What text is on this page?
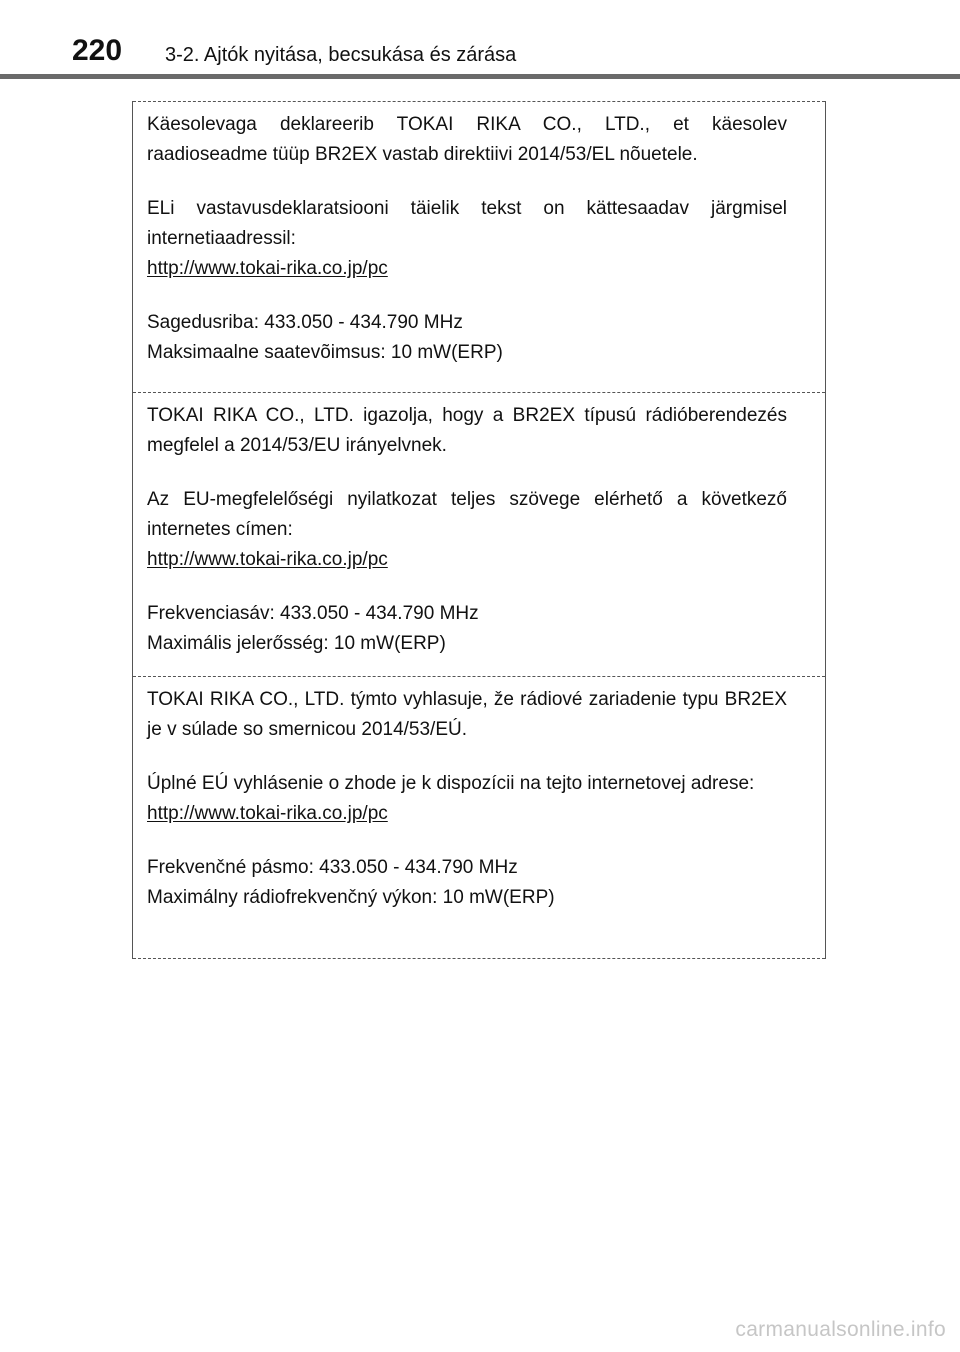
220 3-2. Ajtók nyitása, becsukása és zárása

Käesolevaga deklareerib TOKAI RIKA CO., LTD., et käesolev raadioseadme tüüp BR2EX vastab direktiivi 2014/53/EL nõuetele.

ELi vastavusdeklaratsiooni täielik tekst on kättesaadav järgmisel internetiaadressil:

http://www.tokai-rika.co.jp/pc

Sagedusriba: 433.050 - 434.790 MHz

Maksimaalne saatevõimsus: 10 mW(ERP)

TOKAI RIKA CO., LTD. igazolja, hogy a BR2EX típusú rádióberendezés megfelel a 2014/53/EU irányelvnek.

Az EU-megfelelőségi nyilatkozat teljes szövege elérhető a következő internetes címen:

http://www.tokai-rika.co.jp/pc

Frekvenciasáv: 433.050 - 434.790 MHz

Maximális jelerősség: 10 mW(ERP)

TOKAI RIKA CO., LTD. týmto vyhlasuje, že rádiové zariadenie typu BR2EX je v súlade so smernicou 2014/53/EÚ.

Úplné EÚ vyhlásenie o zhode je k dispozícii na tejto internetovej adrese:

http://www.tokai-rika.co.jp/pc

Frekvenčné pásmo: 433.050 - 434.790 MHz

Maximálny rádiofrekvenčný výkon: 10 mW(ERP)

carmanualsonline.info
